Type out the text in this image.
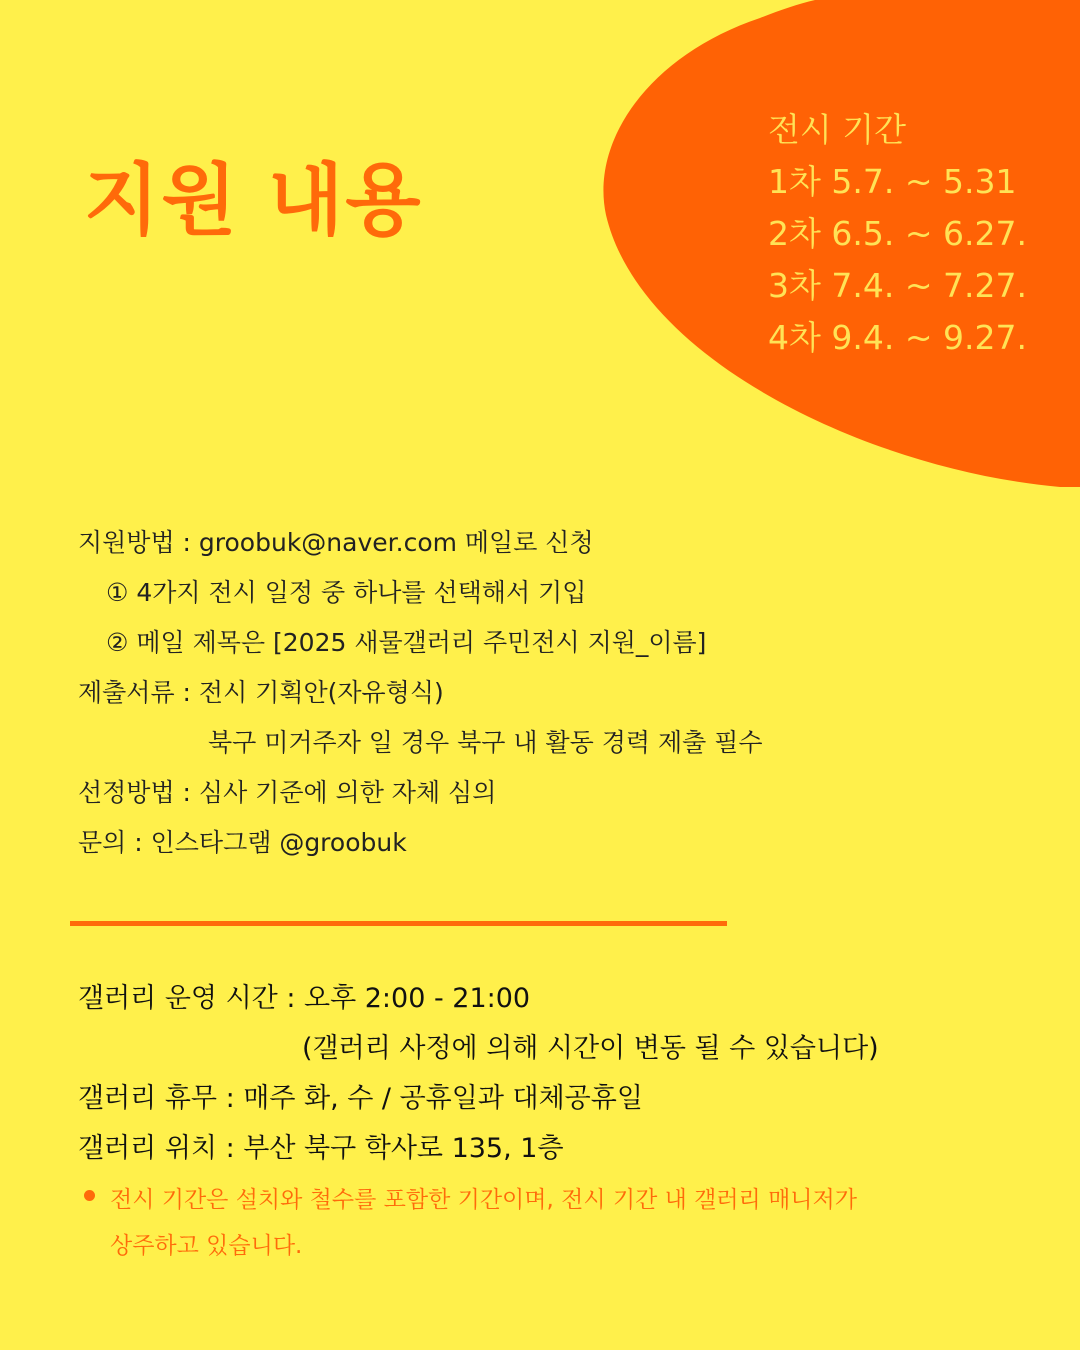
지원 내용
전시 기간
1차 5.7. ~ 5.31
2차 6.5. ~ 6.27.
3차 7.4. ~ 7.27.
4차 9.4. ~ 9.27.
지원방법 : groobuk@naver.com 메일로 신청
① 4가지 전시 일정 중 하나를 선택해서 기입
② 메일 제목은 [2025 새물갤러리 주민전시 지원_이름]
제출서류 : 전시 기획안(자유형식)
북구 미거주자 일 경우 북구 내 활동 경력 제출 필수
선정방법 : 심사 기준에 의한 자체 심의
문의 : 인스타그램 @groobuk
갤러리 운영 시간 : 오후 2:00 - 21:00
(갤러리 사정에 의해 시간이 변동 될 수 있습니다)
갤러리 휴무 : 매주 화, 수 / 공휴일과 대체공휴일
갤러리 위치 : 부산 북구 학사로 135, 1층
전시 기간은 설치와 철수를 포함한 기간이며, 전시 기간 내 갤러리 매니저가
상주하고 있습니다.
